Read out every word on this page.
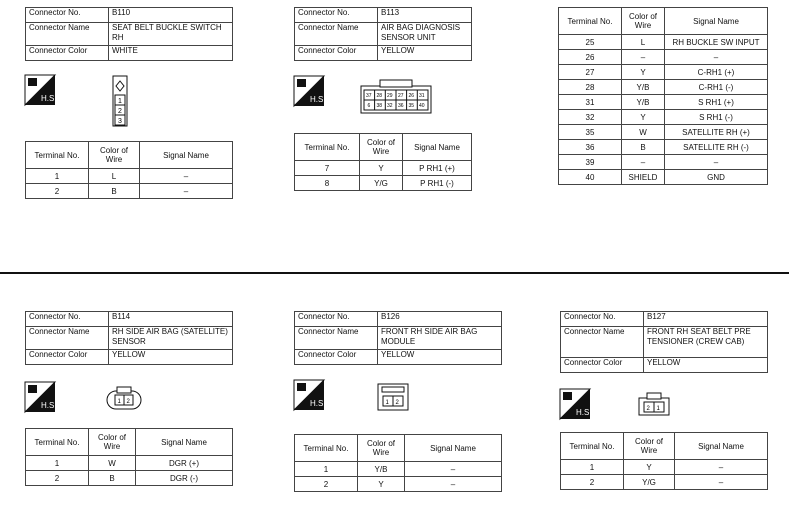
Connector No.	B110
Connector Name	SEAT BELT BUCKLE SWITCH RH
Connector Color	WHITE
H.S.	1
2
3
Terminal No.	Color of Wire	Signal Name
1	L	–
2	B	–
Connector No.	B113
Connector Name	AIR BAG DIAGNOSIS SENSOR UNIT
Connector Color	YELLOW
H.S.	37 28 29 27 26 31
6 38 32 36 35 40
Terminal No.	Color of Wire	Signal Name
7	Y	P RH1 (+)
8	Y/G	P RH1 (-)
Terminal No.	Color of Wire	Signal Name
25	L	RH BUCKLE SW INPUT
26	–	–
27	Y	C-RH1 (+)
28	Y/B	C-RH1 (-)
31	Y/B	S RH1 (+)
32	Y	S RH1 (-)
35	W	SATELLITE RH (+)
36	B	SATELLITE RH (-)
39	–	–
40	SHIELD	GND
Connector No.	B114
Connector Name	RH SIDE AIR BAG (SATELLITE) SENSOR
Connector Color	YELLOW
H.S.	1 2
Terminal No.	Color of Wire	Signal Name
1	W	DGR (+)
2	B	DGR (-)
Connector No.	B126
Connector Name	FRONT RH SIDE AIR BAG MODULE
Connector Color	YELLOW
H.S.	1 2
Terminal No.	Color of Wire	Signal Name
1	Y/B	–
2	Y	–
Connector No.	B127
Connector Name	FRONT RH SEAT BELT PRE TENSIONER (CREW CAB)
Connector Color	YELLOW
H.S.	2 1
Terminal No.	Color of Wire	Signal Name
1	Y	–
2	Y/G	–
